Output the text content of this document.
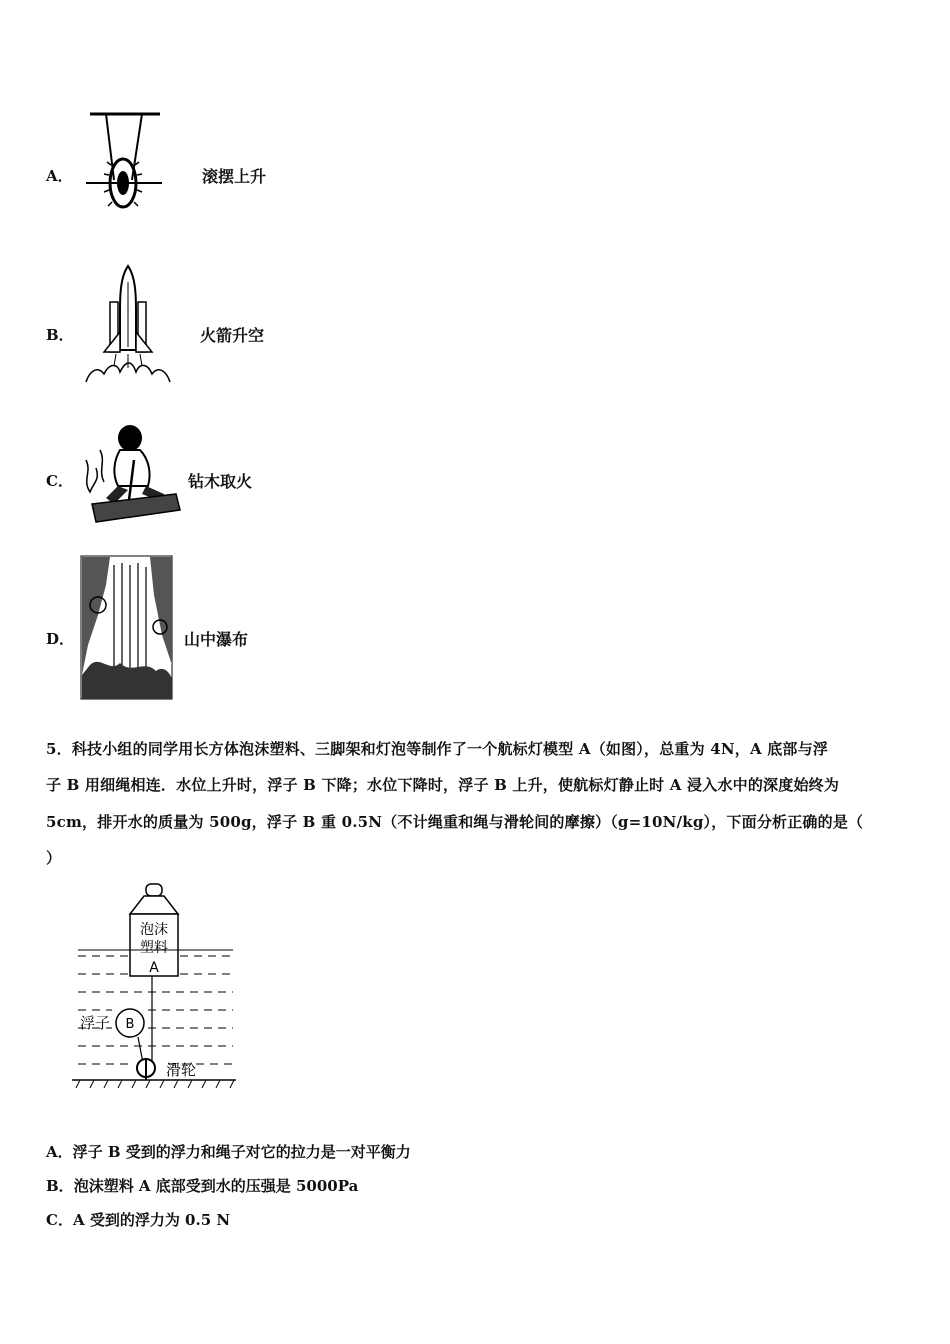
A．	滚摆上升
B．	火箭升空
C．	钻木取火
D．	山中瀑布
5．科技小组的同学用长方体泡沫塑料、三脚架和灯泡等制作了一个航标灯模型 A（如图），总重为 4N，A 底部与浮
子 B 用细绳相连．水位上升时，浮子 B 下降；水位下降时，浮子 B 上升，使航标灯静止时 A 浸入水中的深度始终为
5cm，排开水的质量为 500g，浮子 B 重 0.5N（不计绳重和绳与滑轮间的摩擦）（g=10N/kg），下面分析正确的是（
）
泡沫
塑料
A
B
浮子
滑轮
A．浮子 B 受到的浮力和绳子对它的拉力是一对平衡力
B．泡沫塑料 A 底部受到水的压强是 5000Pa
C．A 受到的浮力为 0.5 N
